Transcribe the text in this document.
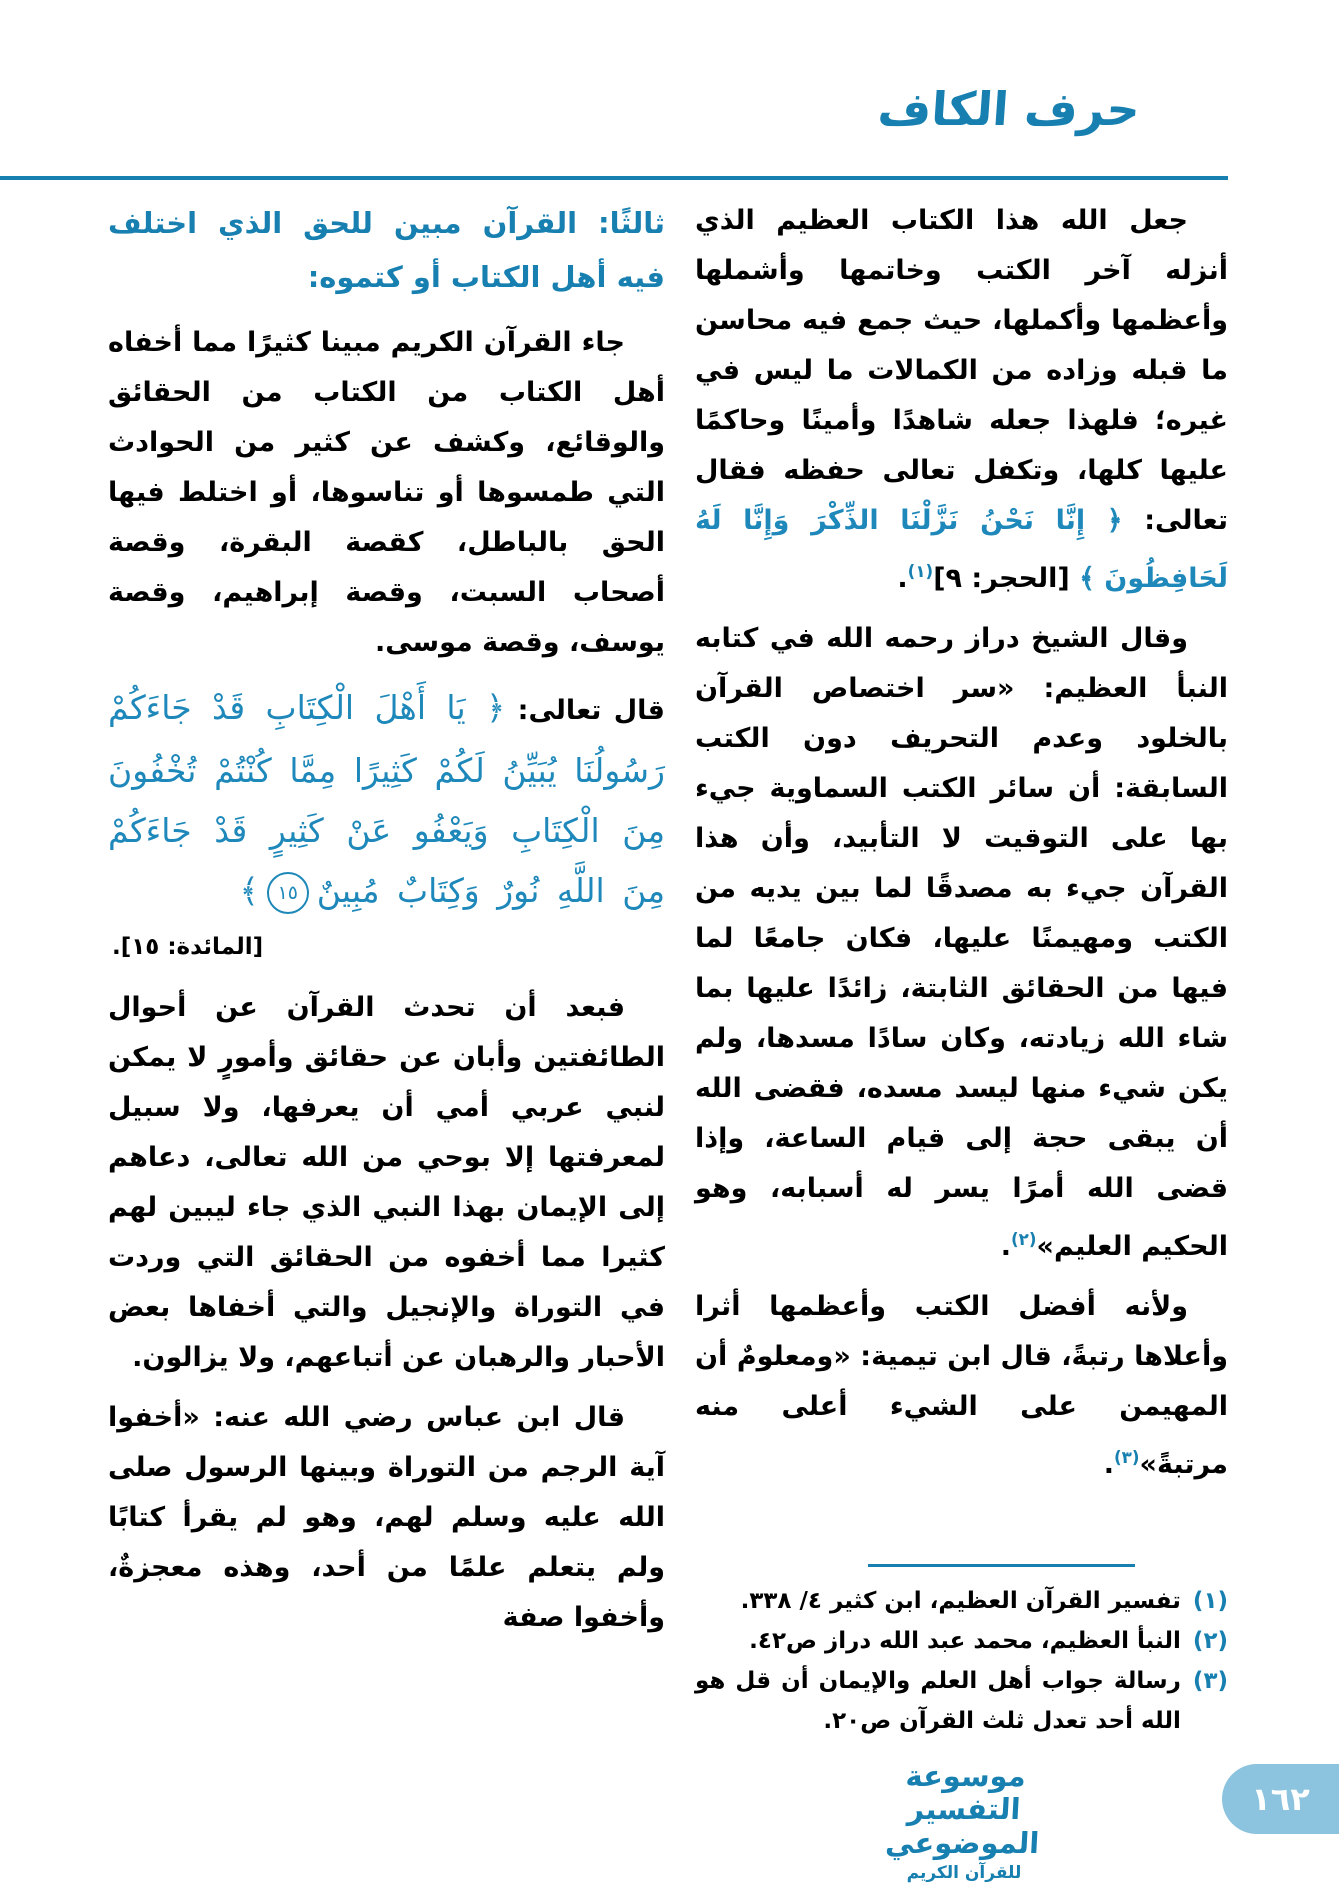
حرف الكاف

جعل الله هذا الكتاب العظيم الذي أنزله آخر الكتب وخاتمها وأشملها وأعظمها وأكملها، حيث جمع فيه محاسن ما قبله وزاده من الكمالات ما ليس في غيره؛ فلهذا جعله شاهدًا وأمينًا وحاكمًا عليها كلها، وتكفل تعالى حفظه فقال تعالى: ﴿ إِنَّا نَحْنُ نَزَّلْنَا الذِّكْرَ وَإِنَّا لَهُ لَحَافِظُونَ ﴾ [الحجر: ٩]$^{(١)}$.

وقال الشيخ دراز رحمه الله في كتابه النبأ العظيم: «سر اختصاص القرآن بالخلود وعدم التحريف دون الكتب السابقة: أن سائر الكتب السماوية جيء بها على التوقيت لا التأبيد، وأن هذا القرآن جيء به مصدقًا لما بين يديه من الكتب ومهيمنًا عليها، فكان جامعًا لما فيها من الحقائق الثابتة، زائدًا عليها بما شاء الله زيادته، وكان سادًا مسدها، ولم يكن شيء منها ليسد مسده، فقضى الله أن يبقى حجة إلى قيام الساعة، وإذا قضى الله أمرًا يسر له أسبابه، وهو الحكيم العليم»$^{(٢)}$.

ولأنه أفضل الكتب وأعظمها أثرا وأعلاها رتبةً، قال ابن تيمية: «ومعلومٌ أن المهيمن على الشيء أعلى منه مرتبةً»$^{(٣)}$.

(١)
تفسير القرآن العظيم، ابن كثير ٤/ ٣٣٨.
(٢)
النبأ العظيم، محمد عبد الله دراز ص٤٢.
(٣)
رسالة جواب أهل العلم والإيمان أن قل هو الله أحد تعدل ثلث القرآن ص٢٠.
ثالثًا: القرآن مبين للحق الذي اختلف فيه أهل الكتاب أو كتموه:

جاء القرآن الكريم مبينا كثيرًا مما أخفاه أهل الكتاب من الكتاب من الحقائق والوقائع، وكشف عن كثير من الحوادث التي طمسوها أو تناسوها، أو اختلط فيها الحق بالباطل، كقصة البقرة، وقصة أصحاب السبت، وقصة إبراهيم، وقصة يوسف، وقصة موسى.

قال تعالى: ﴿ يَا أَهْلَ الْكِتَابِ قَدْ جَاءَكُمْ رَسُولُنَا يُبَيِّنُ لَكُمْ كَثِيرًا مِمَّا كُنْتُمْ تُخْفُونَ مِنَ الْكِتَابِ وَيَعْفُو عَنْ كَثِيرٍ قَدْ جَاءَكُمْ مِنَ اللَّهِ نُورٌ وَكِتَابٌ مُبِينٌ١٥﴾

[المائدة: ١٥].

فبعد أن تحدث القرآن عن أحوال الطائفتين وأبان عن حقائق وأمورٍ لا يمكن لنبي عربي أمي أن يعرفها، ولا سبيل لمعرفتها إلا بوحي من الله تعالى، دعاهم إلى الإيمان بهذا النبي الذي جاء ليبين لهم كثيرا مما أخفوه من الحقائق التي وردت في التوراة والإنجيل والتي أخفاها بعض الأحبار والرهبان عن أتباعهم، ولا يزالون.

قال ابن عباس رضي الله عنه: «أخفوا آية الرجم من التوراة وبينها الرسول صلى الله عليه وسلم لهم، وهو لم يقرأ كتابًا ولم يتعلم علمًا من أحد، وهذه معجزةٌ، وأخفوا صفة

موسوعة التفسير الموضوعي
للقرآن الكريم
١٦٢
